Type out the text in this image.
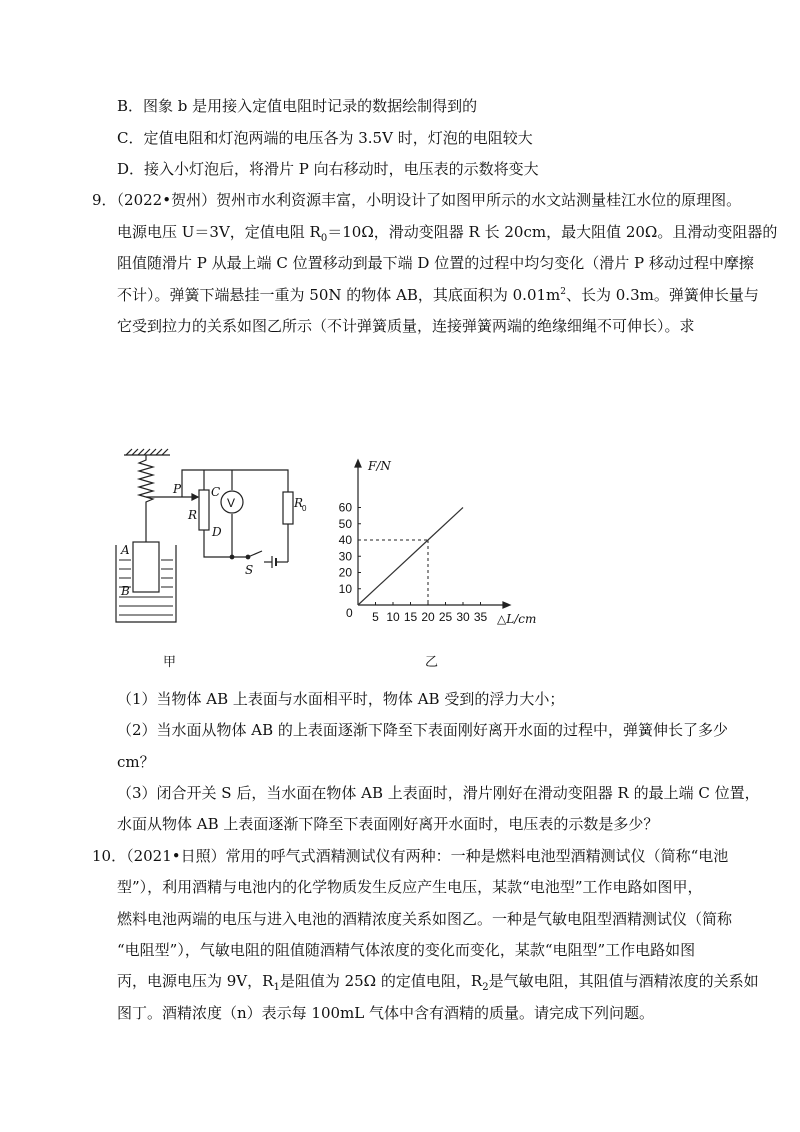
B．图象 b 是用接入定值电阻时记录的数据绘制得到的
C．定值电阻和灯泡两端的电压各为 3.5V 时，灯泡的电阻较大
D．接入小灯泡后，将滑片 P 向右移动时，电压表的示数将变大
9．（2022•贺州）贺州市水利资源丰富，小明设计了如图甲所示的水文站测量桂江水位的原理图。
电源电压 U＝3V，定值电阻 $R_0=10\Omega$，滑动变阻器 R 长 20cm，最大阻值 20Ω。且滑动变阻器的
阻值随滑片 P 从最上端 C 位置移动到最下端 D 位置的过程中均匀变化（滑片 P 移动过程中摩擦
不计）。弹簧下端悬挂一重为 50N 的物体 AB，其底面积为 $0.01m^2$、长为 0.3m。弹簧伸长量与
它受到拉力的关系如图乙所示（不计弹簧质量，连接弹簧两端的绝缘细绳不可伸长）。求
P C
R
D
V	R
0
S
A
B
甲
5 10 15 20 25 30 35
10
20
30
40
50
60
F/N
△L/cm
0
乙
（1）当物体 AB 上表面与水面相平时，物体 AB 受到的浮力大小；
（2）当水面从物体 AB 的上表面逐渐下降至下表面刚好离开水面的过程中，弹簧伸长了多少
cm？
（3）闭合开关 S 后，当水面在物体 AB 上表面时，滑片刚好在滑动变阻器 R 的最上端 C 位置，
水面从物体 AB 上表面逐渐下降至下表面刚好离开水面时，电压表的示数是多少？
10．（2021•日照）常用的呼气式酒精测试仪有两种：一种是燃料电池型酒精测试仪（简称“电池
型”），利用酒精与电池内的化学物质发生反应产生电压，某款“电池型”工作电路如图甲，
燃料电池两端的电压与进入电池的酒精浓度关系如图乙。一种是气敏电阻型酒精测试仪（简称
“电阻型”），气敏电阻的阻值随酒精气体浓度的变化而变化，某款“电阻型”工作电路如图
丙，电源电压为 9V，$R_1$是阻值为 25Ω 的定值电阻，$R_2$是气敏电阻，其阻值与酒精浓度的关系如
图丁。酒精浓度（n）表示每 100mL 气体中含有酒精的质量。请完成下列问题。
